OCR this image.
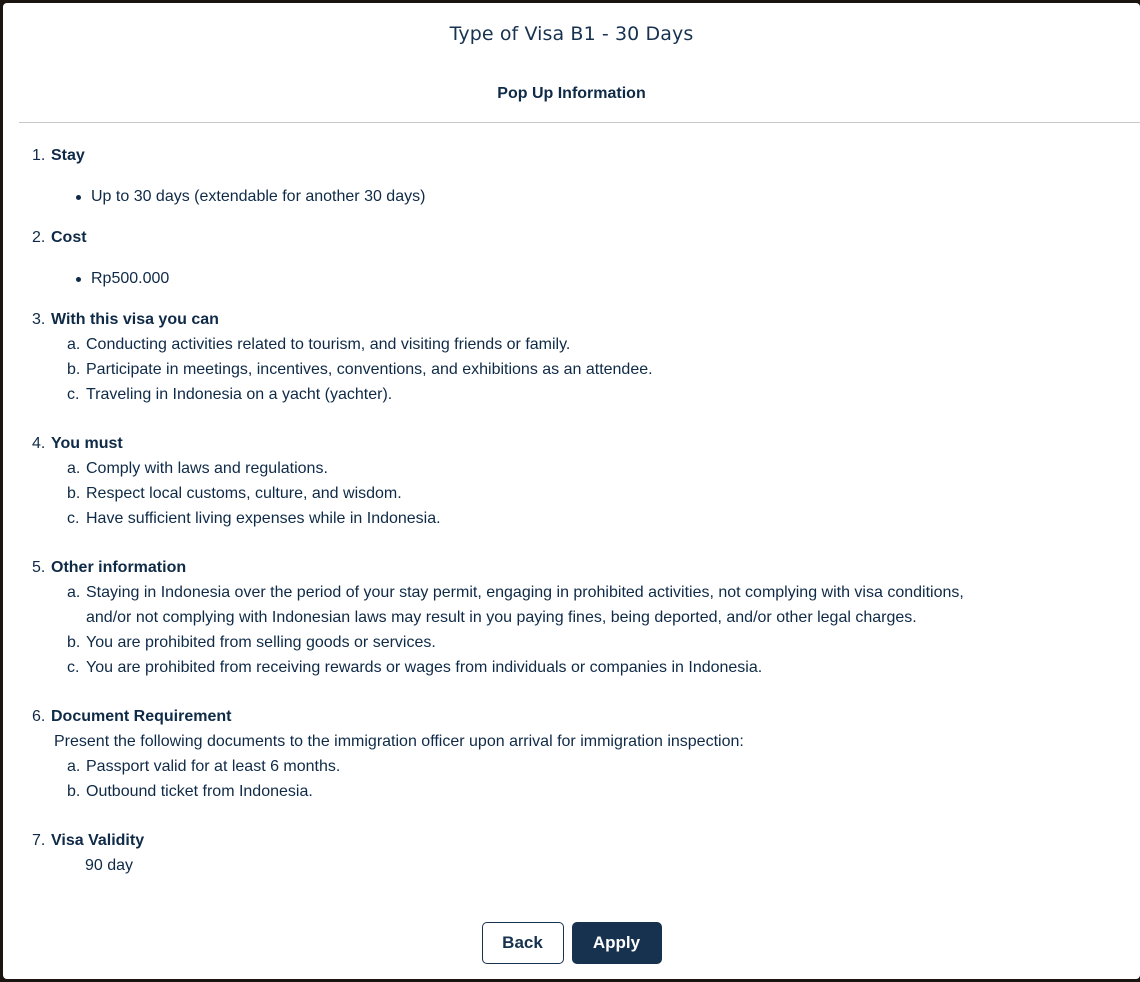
Type of Visa B1 - 30 Days
Pop Up Information
1. Stay
Up to 30 days (extendable for another 30 days)
2. Cost
Rp500.000
3. With this visa you can
a. Conducting activities related to tourism, and visiting friends or family.
b. Participate in meetings, incentives, conventions, and exhibitions as an attendee.
c. Traveling in Indonesia on a yacht (yachter).
4. You must
a. Comply with laws and regulations.
b. Respect local customs, culture, and wisdom.
c. Have sufficient living expenses while in Indonesia.
5. Other information
a. Staying in Indonesia over the period of your stay permit, engaging in prohibited activities, not complying with visa conditions, and/or not complying with Indonesian laws may result in you paying fines, being deported, and/or other legal charges.
b. You are prohibited from selling goods or services.
c. You are prohibited from receiving rewards or wages from individuals or companies in Indonesia.
6. Document Requirement
Present the following documents to the immigration officer upon arrival for immigration inspection:
a. Passport valid for at least 6 months.
b. Outbound ticket from Indonesia.
7. Visa Validity
90 day
Back	Apply
